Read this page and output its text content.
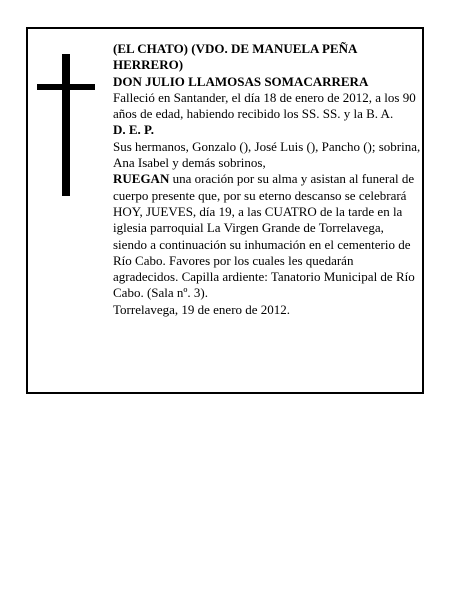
(EL CHATO) (VDO. DE MANUELA PEÑA HERRERO)

DON JULIO LLAMOSAS SOMACARRERA

Falleció en Santander, el día 18 de enero de 2012, a los 90 años de edad, habiendo recibido los SS. SS. y la B. A.

D. E. P.

Sus hermanos, Gonzalo (), José Luis (), Pancho (); sobrina, Ana Isabel y demás sobrinos,

RUEGAN una oración por su alma y asistan al funeral de cuerpo presente que, por su eterno descanso se celebrará HOY, JUEVES, día 19, a las CUATRO de la tarde en la iglesia parroquial La Virgen Grande de Torrelavega, siendo a continuación su inhumación en el cementerio de Río Cabo. Favores por los cuales les quedarán agradecidos. Capilla ardiente: Tanatorio Municipal de Río Cabo. (Sala nº. 3).

Torrelavega, 19 de enero de 2012.
